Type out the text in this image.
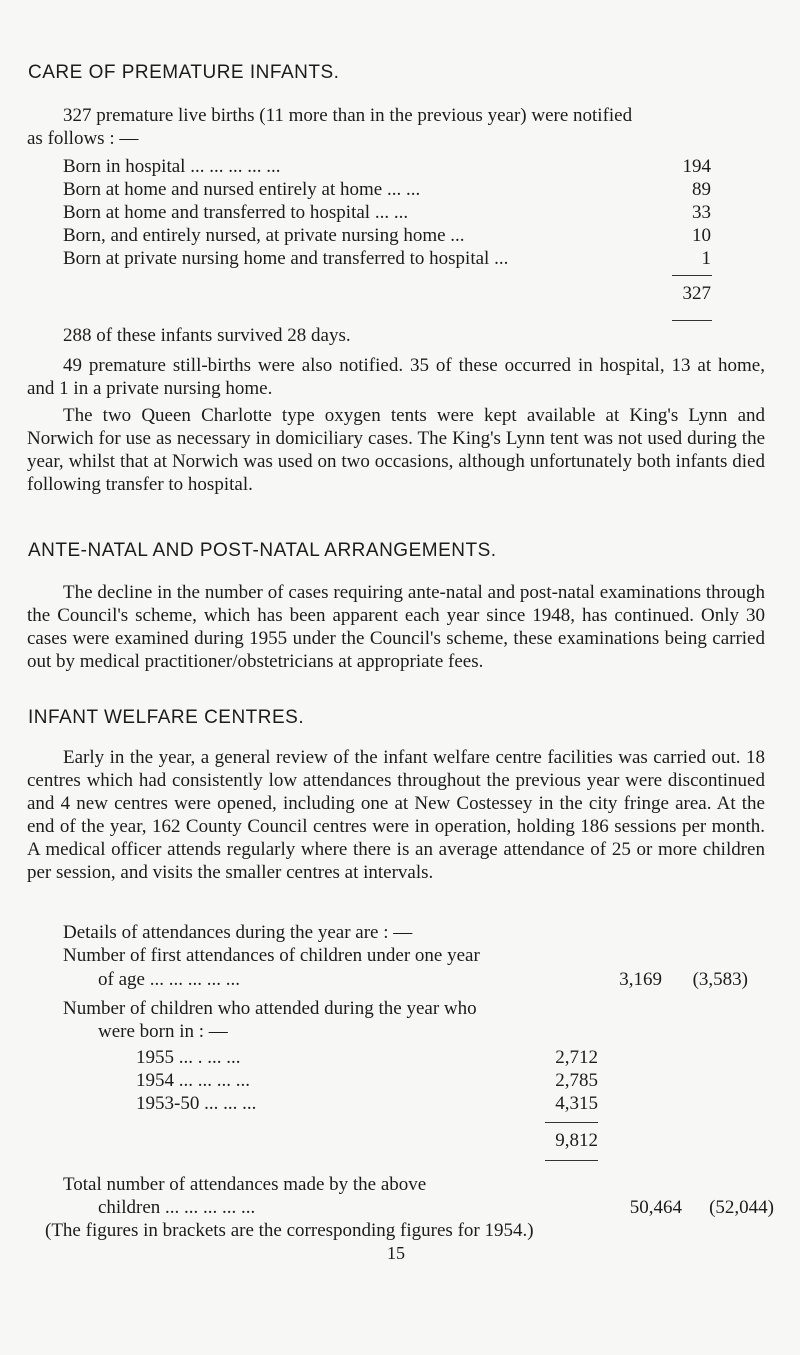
CARE OF PREMATURE INFANTS.
327 premature live births (11 more than in the previous year) were notified
as follows : —
Born in hospital ... ... ... ... ...	194
Born at home and nursed entirely at home ... ...	89
Born at home and transferred to hospital ... ...	33
Born, and entirely nursed, at private nursing home ...	10
Born at private nursing home and transferred to hospital ...	1
327

288 of these infants survived 28 days.

49 premature still-births were also notified. 35 of these occurred in hospital, 13 at home, and 1 in a private nursing home.

The two Queen Charlotte type oxygen tents were kept available at King's Lynn and Norwich for use as necessary in domiciliary cases. The King's Lynn tent was not used during the year, whilst that at Norwich was used on two occasions, although unfortunately both infants died following transfer to hospital.

ANTE-NATAL AND POST-NATAL ARRANGEMENTS.

The decline in the number of cases requiring ante-natal and post-natal examinations through the Council's scheme, which has been apparent each year since 1948, has continued. Only 30 cases were examined during 1955 under the Council's scheme, these examinations being carried out by medical practitioner/obstetricians at appropriate fees.

INFANT WELFARE CENTRES.

Early in the year, a general review of the infant welfare centre facilities was carried out. 18 centres which had consistently low attendances throughout the previous year were discontinued and 4 new centres were opened, including one at New Costessey in the city fringe area. At the end of the year, 162 County Council centres were in operation, holding 186 sessions per month. A medical officer attends regularly where there is an average attendance of 25 or more children per session, and visits the smaller centres at intervals.

Details of attendances during the year are : —
Number of first attendances of children under one year
of age ... ... ... ... ...	3,169	(3,583)
Number of children who attended during the year who
were born in : —
1955 ... . ... ...	2,712
1954 ... ... ... ...	2,785
1953-50 ... ... ...	4,315
9,812
Total number of attendances made by the above
children ... ... ... ... ...	50,464	(52,044)
(The figures in brackets are the corresponding figures for 1954.)
15
